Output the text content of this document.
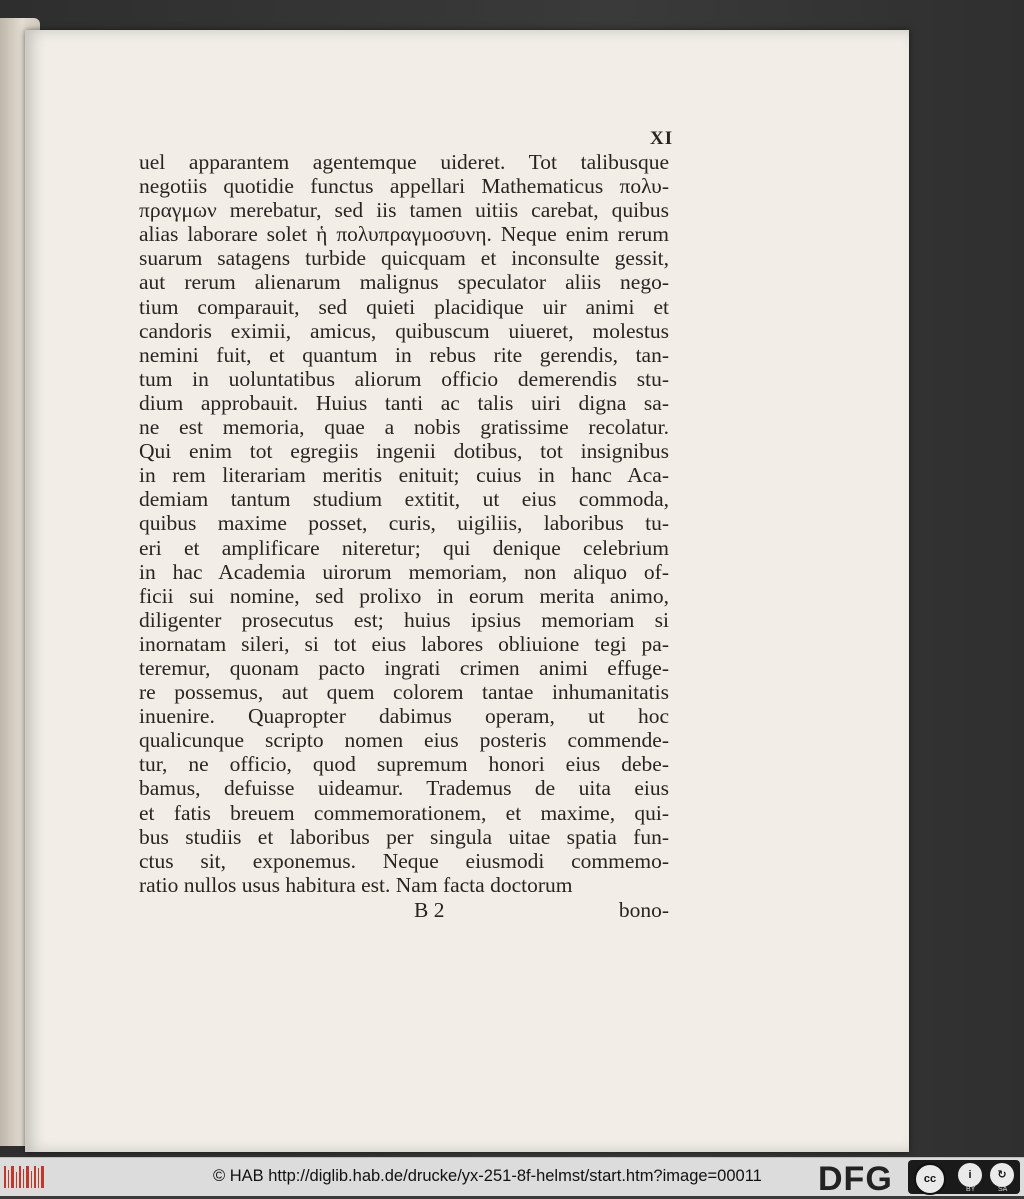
XI
uel apparantem agentemque uideret. Tot talibusque
negotiis quotidie functus appellari Mathematicus πολυ-
πραγμων merebatur, sed iis tamen uitiis carebat, quibus
alias laborare solet ἡ πολυπραγμοσυνη. Neque enim rerum
suarum satagens turbide quicquam et inconsulte gessit,
aut rerum alienarum malignus speculator aliis nego-
tium comparauit, sed quieti placidique uir animi et
candoris eximii, amicus, quibuscum uiueret, molestus
nemini fuit, et quantum in rebus rite gerendis, tan-
tum in uoluntatibus aliorum officio demerendis stu-
dium approbauit. Huius tanti ac talis uiri digna sa-
ne est memoria, quae a nobis gratissime recolatur.
Qui enim tot egregiis ingenii dotibus, tot insignibus
in rem literariam meritis enituit; cuius in hanc Aca-
demiam tantum studium extitit, ut eius commoda,
quibus maxime posset, curis, uigiliis, laboribus tu-
eri et amplificare niteretur; qui denique celebrium
in hac Academia uirorum memoriam, non aliquo of-
ficii sui nomine, sed prolixo in eorum merita animo,
diligenter prosecutus est; huius ipsius memoriam si
inornatam sileri, si tot eius labores obliuione tegi pa-
teremur, quonam pacto ingrati crimen animi effuge-
re possemus, aut quem colorem tantae inhumanitatis
inuenire. Quapropter dabimus operam, ut hoc
qualicunque scripto nomen eius posteris commende-
tur, ne officio, quod supremum honori eius debe-
bamus, defuisse uideamur. Trademus de uita eius
et fatis breuem commemorationem, et maxime, qui-
bus studiis et laboribus per singula uitae spatia fun-
ctus sit, exponemus. Neque eiusmodi commemo-
ratio nullos usus habitura est. Nam facta doctorum
B 2	bono-
© HAB http://diglib.hab.de/drucke/yx-251-8f-helmst/start.htm?image=00011 DFG	cc	i	↻
BY	SA
